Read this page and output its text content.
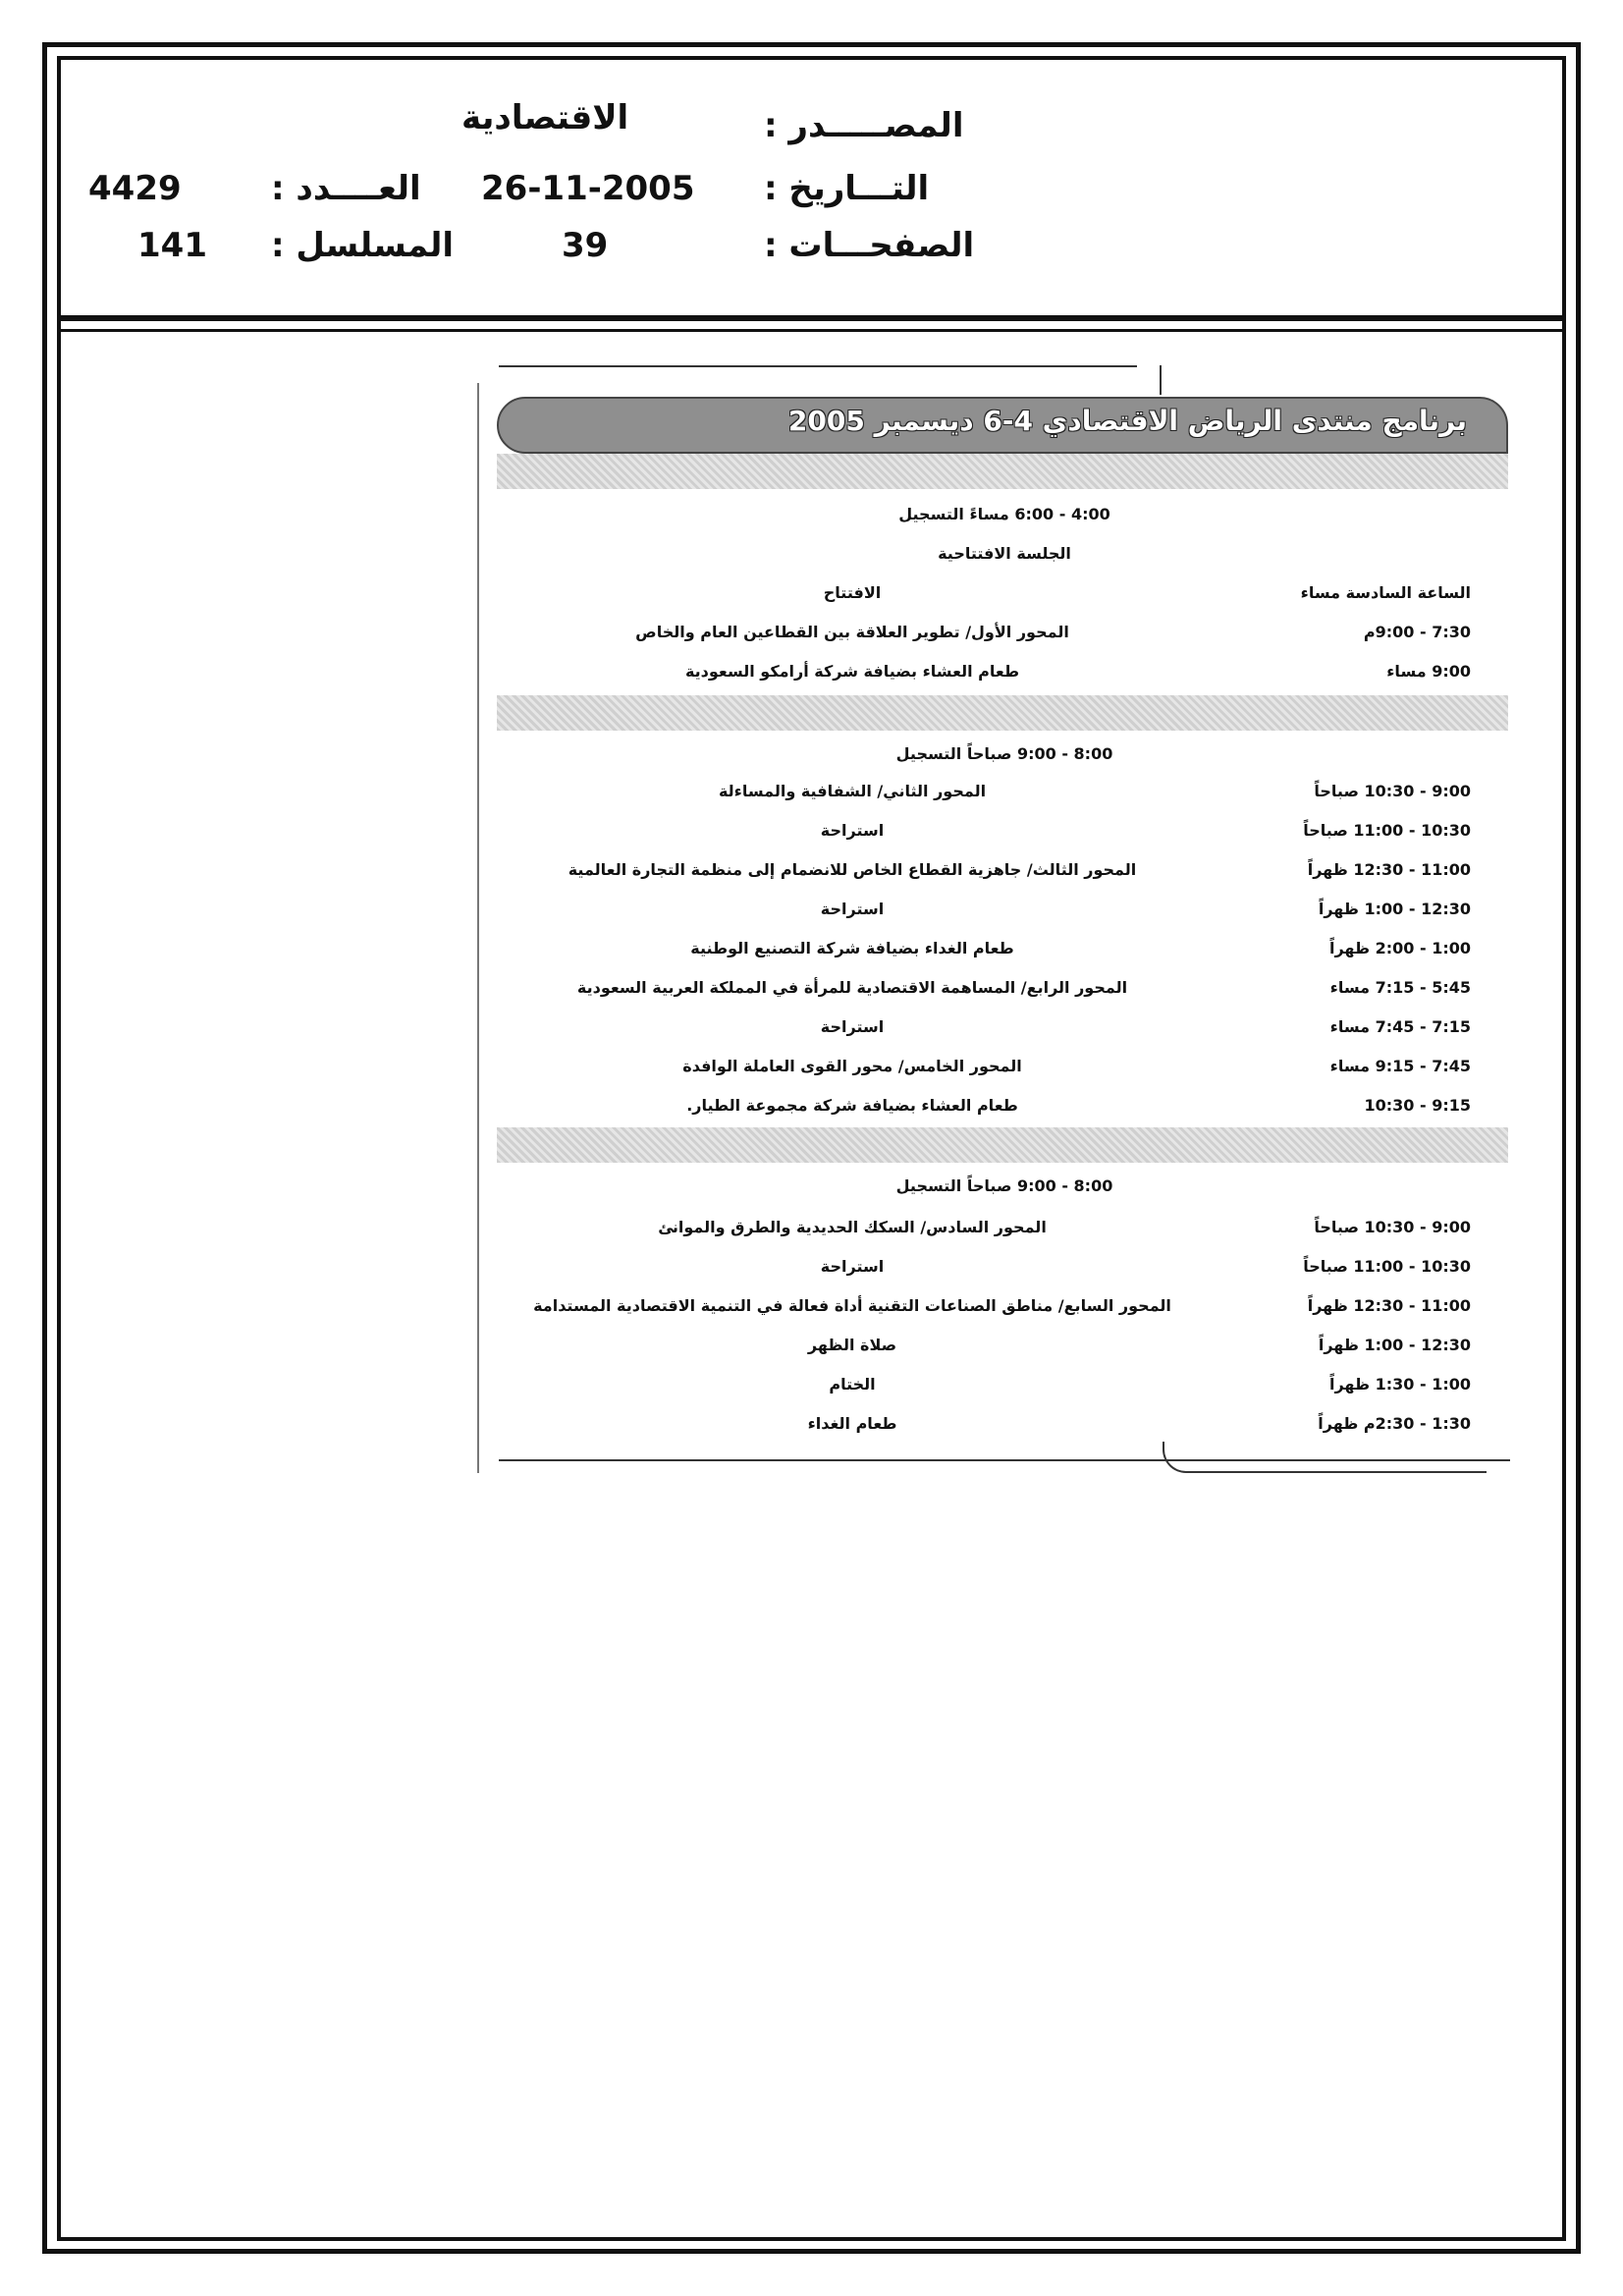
المصـــــدر :
الاقتصادية
التـــاريخ :
26-11-2005
العــــدد :
4429
الصفحـــات :
39
المسلسل :
141
برنامج منتدى الرياض الاقتصادي 4-6 ديسمبر 2005
4:00 - 6:00 مساءً التسجيل
الجلسة الافتتاحية
الساعة السادسة مساء
الافتتاح
7:30 - 9:00م
المحور الأول/ تطوير العلاقة بين القطاعين العام والخاص
9:00 مساء
طعام العشاء بضيافة شركة أرامكو السعودية
8:00 - 9:00 صباحاً التسجيل
9:00 - 10:30 صباحاً
المحور الثاني/ الشفافية والمساءلة
10:30 - 11:00 صباحاً
استراحة
11:00 - 12:30 ظهراً
المحور الثالث/ جاهزية القطاع الخاص للانضمام إلى منظمة التجارة العالمية
12:30 - 1:00 ظهراً
استراحة
1:00 - 2:00 ظهراً
طعام الغداء بضيافة شركة التصنيع الوطنية
5:45 - 7:15 مساء
المحور الرابع/ المساهمة الاقتصادية للمرأة في المملكة العربية السعودية
7:15 - 7:45 مساء
استراحة
7:45 - 9:15 مساء
المحور الخامس/ محور القوى العاملة الوافدة
9:15 - 10:30
طعام العشاء بضيافة شركة مجموعة الطيار.
8:00 - 9:00 صباحاً التسجيل
9:00 - 10:30 صباحاً
المحور السادس/ السكك الحديدية والطرق والموانئ
10:30 - 11:00 صباحاً
استراحة
11:00 - 12:30 ظهراً
المحور السابع/ مناطق الصناعات التقنية أداة فعالة في التنمية الاقتصادية المستدامة
12:30 - 1:00 ظهراً
صلاة الظهر
1:00 - 1:30 ظهراً
الختام
1:30 - 2:30م ظهراً
طعام الغداء
